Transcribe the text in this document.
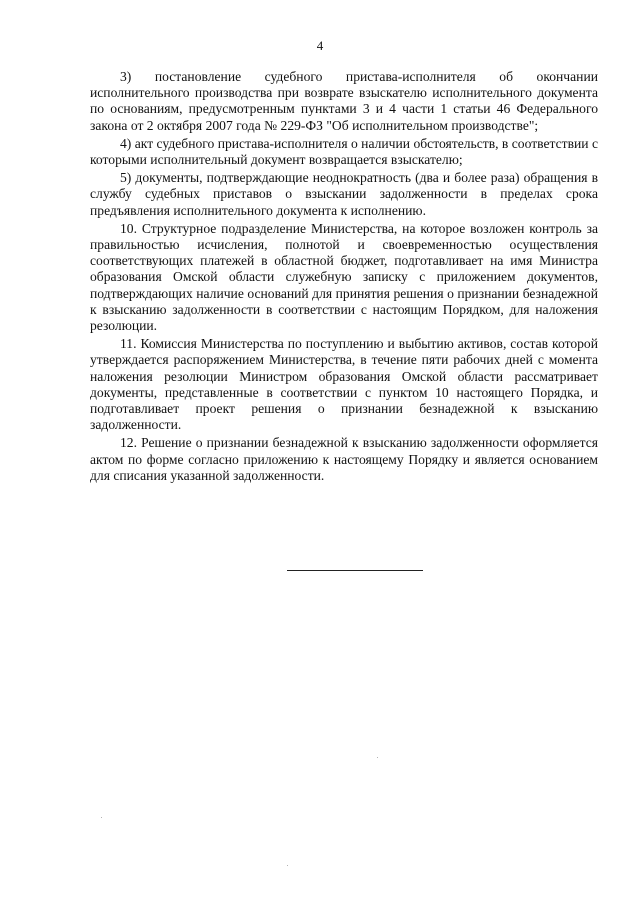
4

3) постановление судебного пристава-исполнителя об окончании исполнительного производства при возврате взыскателю исполнительного документа по основаниям, предусмотренным пунктами 3 и 4 части 1 статьи 46 Федерального закона от 2 октября 2007 года № 229-ФЗ "Об исполнительном производстве";

4) акт судебного пристава-исполнителя о наличии обстоятельств, в соответствии с которыми исполнительный документ возвращается взыскателю;

5) документы, подтверждающие неоднократность (два и более раза) обращения в службу судебных приставов о взыскании задолженности в пределах срока предъявления исполнительного документа к исполнению.

10. Структурное подразделение Министерства, на которое возложен контроль за правильностью исчисления, полнотой и своевременностью осуществления соответствующих платежей в областной бюджет, подготавливает на имя Министра образования Омской области служебную записку с приложением документов, подтверждающих наличие оснований для принятия решения о признании безнадежной к взысканию задолженности в соответствии с настоящим Порядком, для наложения резолюции.

11. Комиссия Министерства по поступлению и выбытию активов, состав которой утверждается распоряжением Министерства, в течение пяти рабочих дней с момента наложения резолюции Министром образования Омской области рассматривает документы, представленные в соответствии с пунктом 10 настоящего Порядка, и подготавливает проект решения о признании безнадежной к взысканию задолженности.

12. Решение о признании безнадежной к взысканию задолженности оформляется актом по форме согласно приложению к настоящему Порядку и является основанием для списания указанной задолженности.
